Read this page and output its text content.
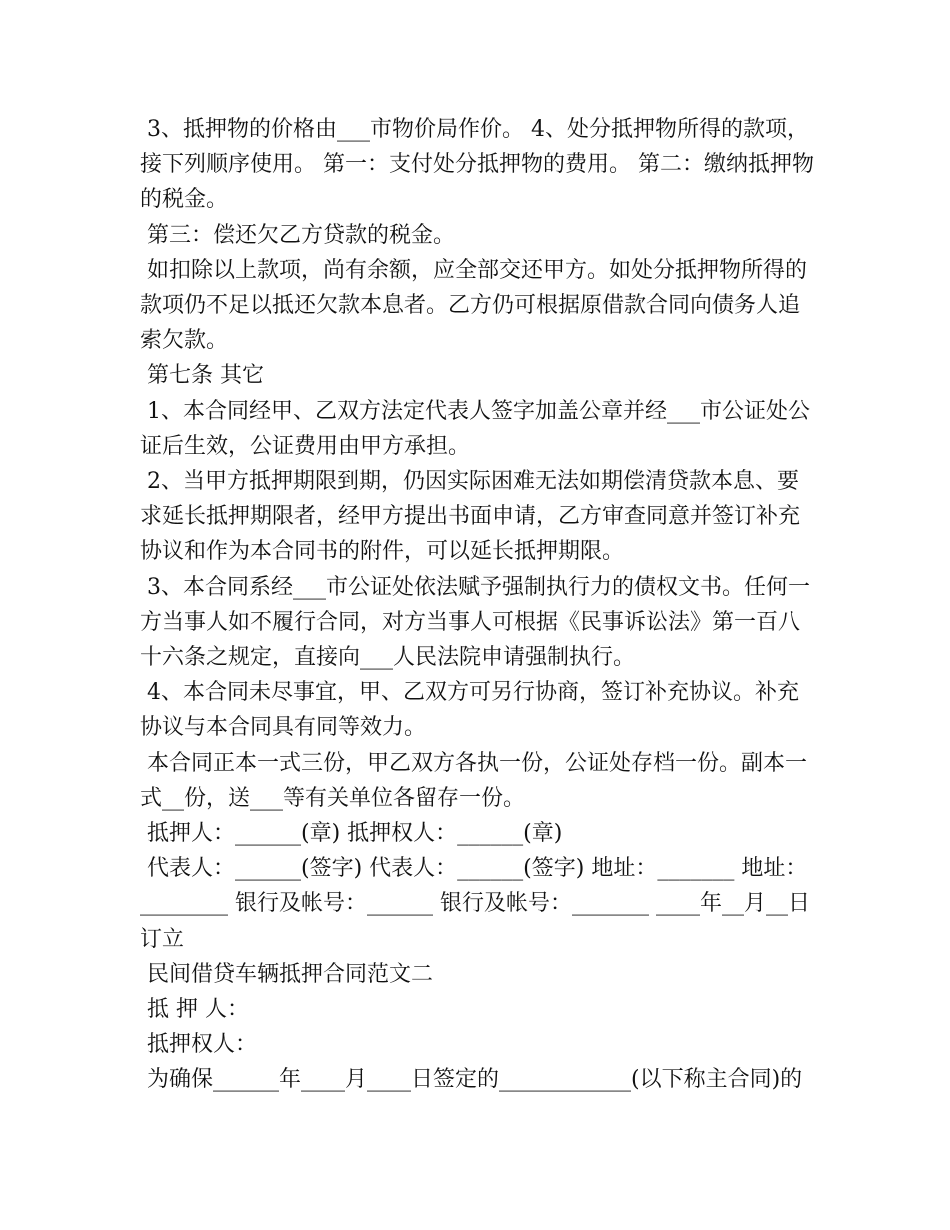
3、抵押物的价格由___市物价局作价。 4、处分抵押物所得的款项，接下列顺序使用。 第一：支付处分抵押物的费用。 第二：缴纳抵押物的税金。

第三：偿还欠乙方贷款的税金。

如扣除以上款项，尚有余额，应全部交还甲方。如处分抵押物所得的款项仍不足以抵还欠款本息者。乙方仍可根据原借款合同向债务人追索欠款。

第七条 其它

1、本合同经甲、乙双方法定代表人签字加盖公章并经___市公证处公证后生效，公证费用由甲方承担。

2、当甲方抵押期限到期，仍因实际困难无法如期偿清贷款本息、要求延长抵押期限者，经甲方提出书面申请，乙方审查同意并签订补充协议和作为本合同书的附件，可以延长抵押期限。

3、本合同系经___市公证处依法赋予强制执行力的债权文书。任何一方当事人如不履行合同，对方当事人可根据《民事诉讼法》第一百八十六条之规定，直接向___人民法院申请强制执行。

4、本合同未尽事宜，甲、乙双方可另行协商，签订补充协议。补充协议与本合同具有同等效力。

本合同正本一式三份，甲乙双方各执一份，公证处存档一份。副本一式__份，送___等有关单位各留存一份。

抵押人：______(章) 抵押权人：______(章)

代表人：______(签字) 代表人：______(签字) 地址：_______ 地址：________ 银行及帐号：______ 银行及帐号：_______ ____年__月__日订立

民间借贷车辆抵押合同范文二

抵 押 人：

抵押权人：

为确保______年____月____日签定的____________(以下称主合同)的
